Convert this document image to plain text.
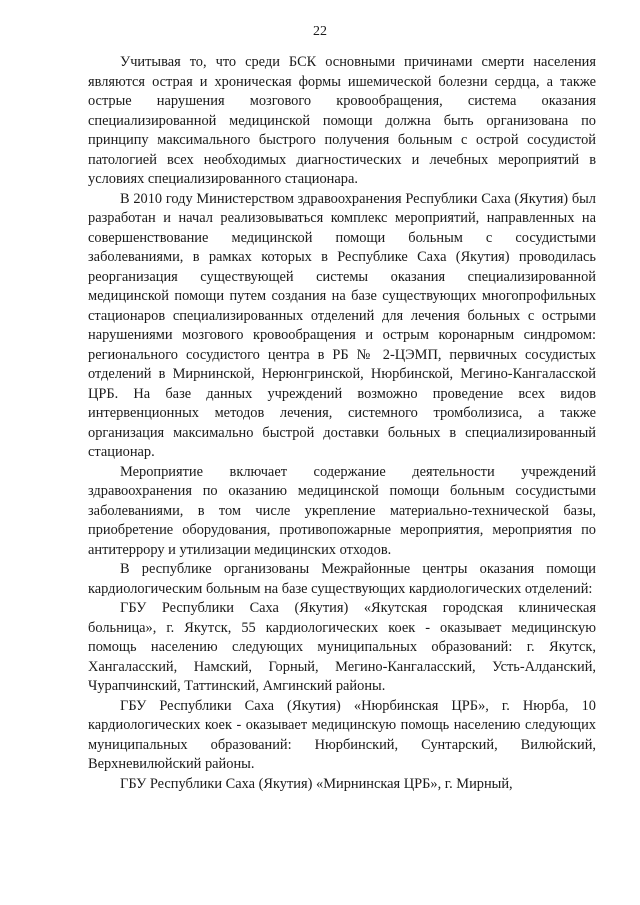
22

Учитывая то, что среди БСК основными причинами смерти населения являются острая и хроническая формы ишемической болезни сердца, а также острые нарушения мозгового кровообращения, система оказания специализированной медицинской помощи должна быть организована по принципу максимального быстрого получения больным с острой сосудистой патологией всех необходимых диагностических и лечебных мероприятий в условиях специализированного стационара.

В 2010 году Министерством здравоохранения Республики Саха (Якутия) был разработан и начал реализовываться комплекс мероприятий, направленных на совершенствование медицинской помощи больным с сосудистыми заболеваниями, в рамках которых в Республике Саха (Якутия) проводилась реорганизация существующей системы оказания специализированной медицинской помощи путем создания на базе существующих многопрофильных стационаров специализированных отделений для лечения больных с острыми нарушениями мозгового кровообращения и острым коронарным синдромом: регионального сосудистого центра в РБ № 2-ЦЭМП, первичных сосудистых отделений в Мирнинской, Нерюнгринской, Нюрбинской, Мегино-Кангаласской ЦРБ. На базе данных учреждений возможно проведение всех видов интервенционных методов лечения, системного тромболизиса, а также организация максимально быстрой доставки больных в специализированный стационар.

Мероприятие включает содержание деятельности учреждений здравоохранения по оказанию медицинской помощи больным сосудистыми заболеваниями, в том числе укрепление материально-технической базы, приобретение оборудования, противопожарные мероприятия, мероприятия по антитеррору и утилизации медицинских отходов.

В республике организованы Межрайонные центры оказания помощи кардиологическим больным на базе существующих кардиологических отделений:

ГБУ Республики Саха (Якутия) «Якутская городская клиническая больница», г. Якутск, 55 кардиологических коек - оказывает медицинскую помощь населению следующих муниципальных образований: г. Якутск, Хангаласский, Намский, Горный, Мегино-Кангаласский, Усть-Алданский, Чурапчинский, Таттинский, Амгинский районы.

ГБУ Республики Саха (Якутия) «Нюрбинская ЦРБ», г. Нюрба, 10 кардиологических коек - оказывает медицинскую помощь населению следующих муниципальных образований: Нюрбинский, Сунтарский, Вилюйский, Верхневилюйский районы.

ГБУ Республики Саха (Якутия) «Мирнинская ЦРБ», г. Мирный,
